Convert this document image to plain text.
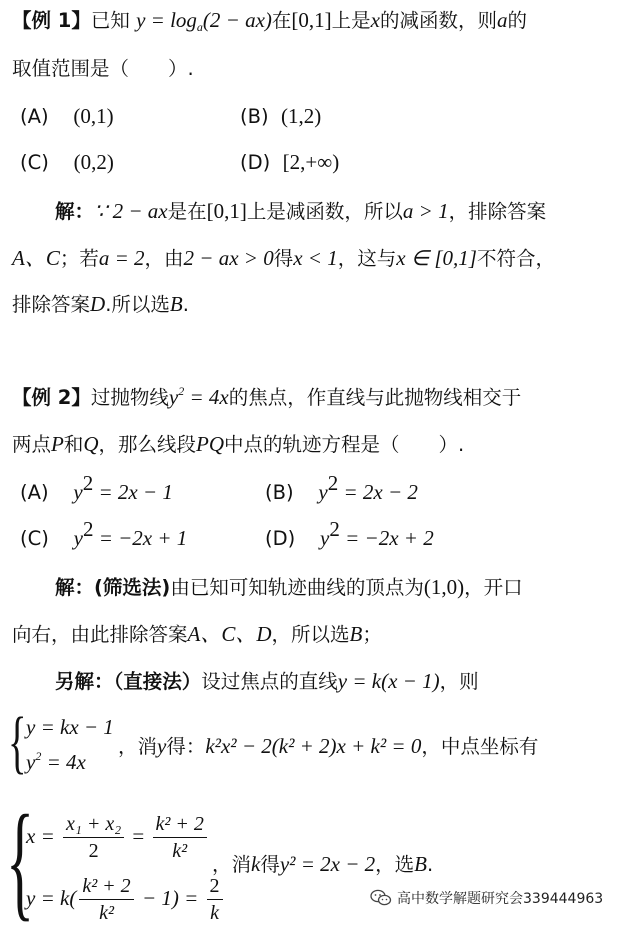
【例 1】已知 $y = \log_a(2 - ax)$在[0,1]上是x的减函数，则a的
取值范围是（　　）.
(A) (0,1)	(B) (1,2)
(C) (0,2)	(D) [2,+∞)
解：∵ 2 − ax是在[0,1]上是减函数，所以a > 1，排除答案
A、C；若a = 2，由2 − ax > 0得x < 1，这与x ∈ [0,1]不符合，
排除答案D.所以选B.
【例 2】过抛物线$y^2 = 4x$的焦点，作直线与此抛物线相交于
两点P和Q，那么线段PQ中点的轨迹方程是（　　）.
(A) $y^2 = 2x - 1$	(B) $y^2 = 2x - 2$
(C) $y^2 = -2x + 1$	(D) $y^2 = -2x + 2$
解：(筛选法)由已知可知轨迹曲线的顶点为(1,0)，开口
向右，由此排除答案A、C、D，所以选B；
另解：（直接法）设过焦点的直线y = k(x − 1)，则
{ y = kx − 1
$y^2 = 4x$
，消y得：k²x² − 2(k² + 2)x + k² = 0，中点坐标有
{
$x = \frac{\text{x₁ + x₂}}{2} = \frac{\text{k² + 2}}{\text{k²}}$
$y = k( \frac{\text{k² + 2}}{\text{k²}} - 1) = \frac{2}{k}$
，消k得y² = 2x − 2，选B.
高中数学解题研究会339444963
